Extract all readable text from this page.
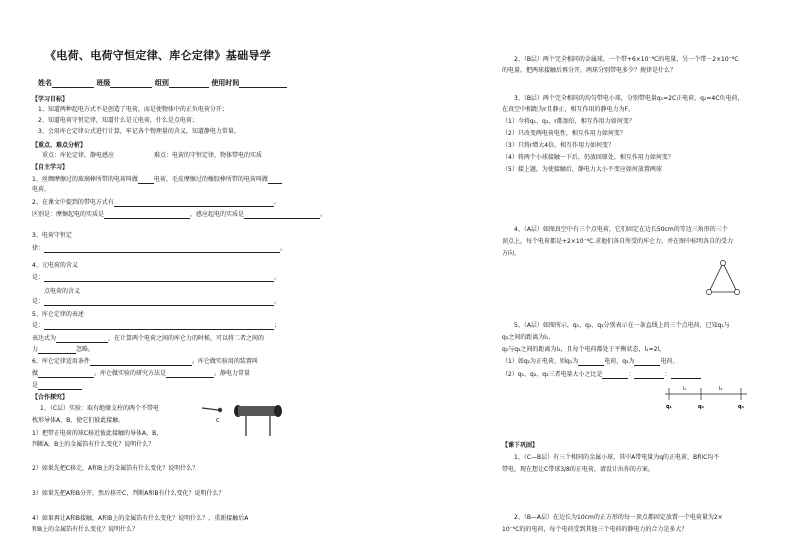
《电荷、电荷守恒定律、库仑定律》基础导学
姓名	班级	组别	使用时间
【学习目标】
1、知道两种起电方式不是创造了电荷，而是使物体中的正负电荷分开；
2、知道电荷守恒定律，知道什么是元电荷，什么是点电荷；
3、会用库仑定律公式进行计算，牢记各个物理量的含义，知道静电力常量。
【重点、难点分析】
重点：库伦定律，静电感应	难点：电荷的守恒定律，物体带电的实质
【自主学习】
1、丝绸摩擦过的玻璃棒所带的电荷叫做	电荷，毛皮摩擦过的橡胶棒所带的电荷叫做
电荷。
2、在课文中提到的带电方式有	。
区别是：摩擦起电的实质是	，感应起电的实质是	。
3、电荷守恒定
律：	。
4、元电荷的含义
是：	。
点电荷的含义
是：	。
5、库仑定律的表述
是：	；
表达式为	，在计算两个电荷之间的库仑力的时候，可以将二者之间的
力	忽略。
6、库仑定律适用条件	。库仑做实验用的装置叫
做	。库仑做实验的研究方法是	。静电力常量
是
【合作探究】
1、（C层）实验：取有绝缘支柱的两个不带电
枕形导体A，B，使它们彼此接触。	C
1）把带正电荷的球C移近彼此接触的导体A，B，
判断A，B上的金属箔有什么变化？说明什么？
2）如果先把C移走，A和B上的金属箔有什么变化？说明什么？
3）如果先把A和B分开，然后移开C，判断A和B有什么变化？说明什么？
4）如果再让A和B接触，A和B上的金属箔有什么变化？说明什么？，重新接触后A
和B上的金属箔有什么变化？说明什么？
2、（B层）两个完全相同的金属球，一个带+6×10⁻⁸C的电量，另一个带－2×10⁻⁸C
的电量。把两球接触后再分开，两球分别带电多少？规律是什么？
3、（B层）两个完全相同的均匀带电小球，分别带电量q₁=2C正电荷，q₂=4C负电荷，
在真空中相距为r且静止，相互作用的静电力为F。
（1）今将q₁、q₂、r都加倍，相互作用力如何变？
（2）只改变两电荷电性，相互作用力如何变？
（3）只将r增大4倍，相互作用力如何变？
（4）将两个小球接触一下后，仍放回原处，相互作用力如何变？
（5）接上题，为使接触后，静电力大小不变应如何放置两球
4、（A层）如图真空中有三个点电荷，它们固定在边长50cm的等边三角形的三个
顶点上，每个电荷都是+2×10⁻⁶C.求他们各自所受的库仑力，并在图中标明各自的受力
方向。
5、（A层）如图所示，q₁、q₂、q₃分别表示在一条直线上的三个点电荷，已知q₁与
q₂之间的距离为l₁，
q₂与q₃之间的距离为l₂，且每个电荷都处于平衡状态，l₁=2l。
（1）如q₂为正电荷，则q₁为	电荷，q₃为	电荷。
（2）q₁、q₂、q₃三者电量大小之比是	：	：
l₁	l₂
q₁	q₂	q₃
【课下巩固】
1、（C—B层）有三个相同的金属小球，其中A带电量为q的正电荷，B和C均不
带电，现在想让C带球3/8的正电荷，请设计出你的方案。
2、（B—A层）在边长为10cm的正方形的每一顶点都固定放置一个电荷量为2×
10⁻⁶C的的电荷，每个电荷受到其他三个电荷的静电力的合力是多大？
